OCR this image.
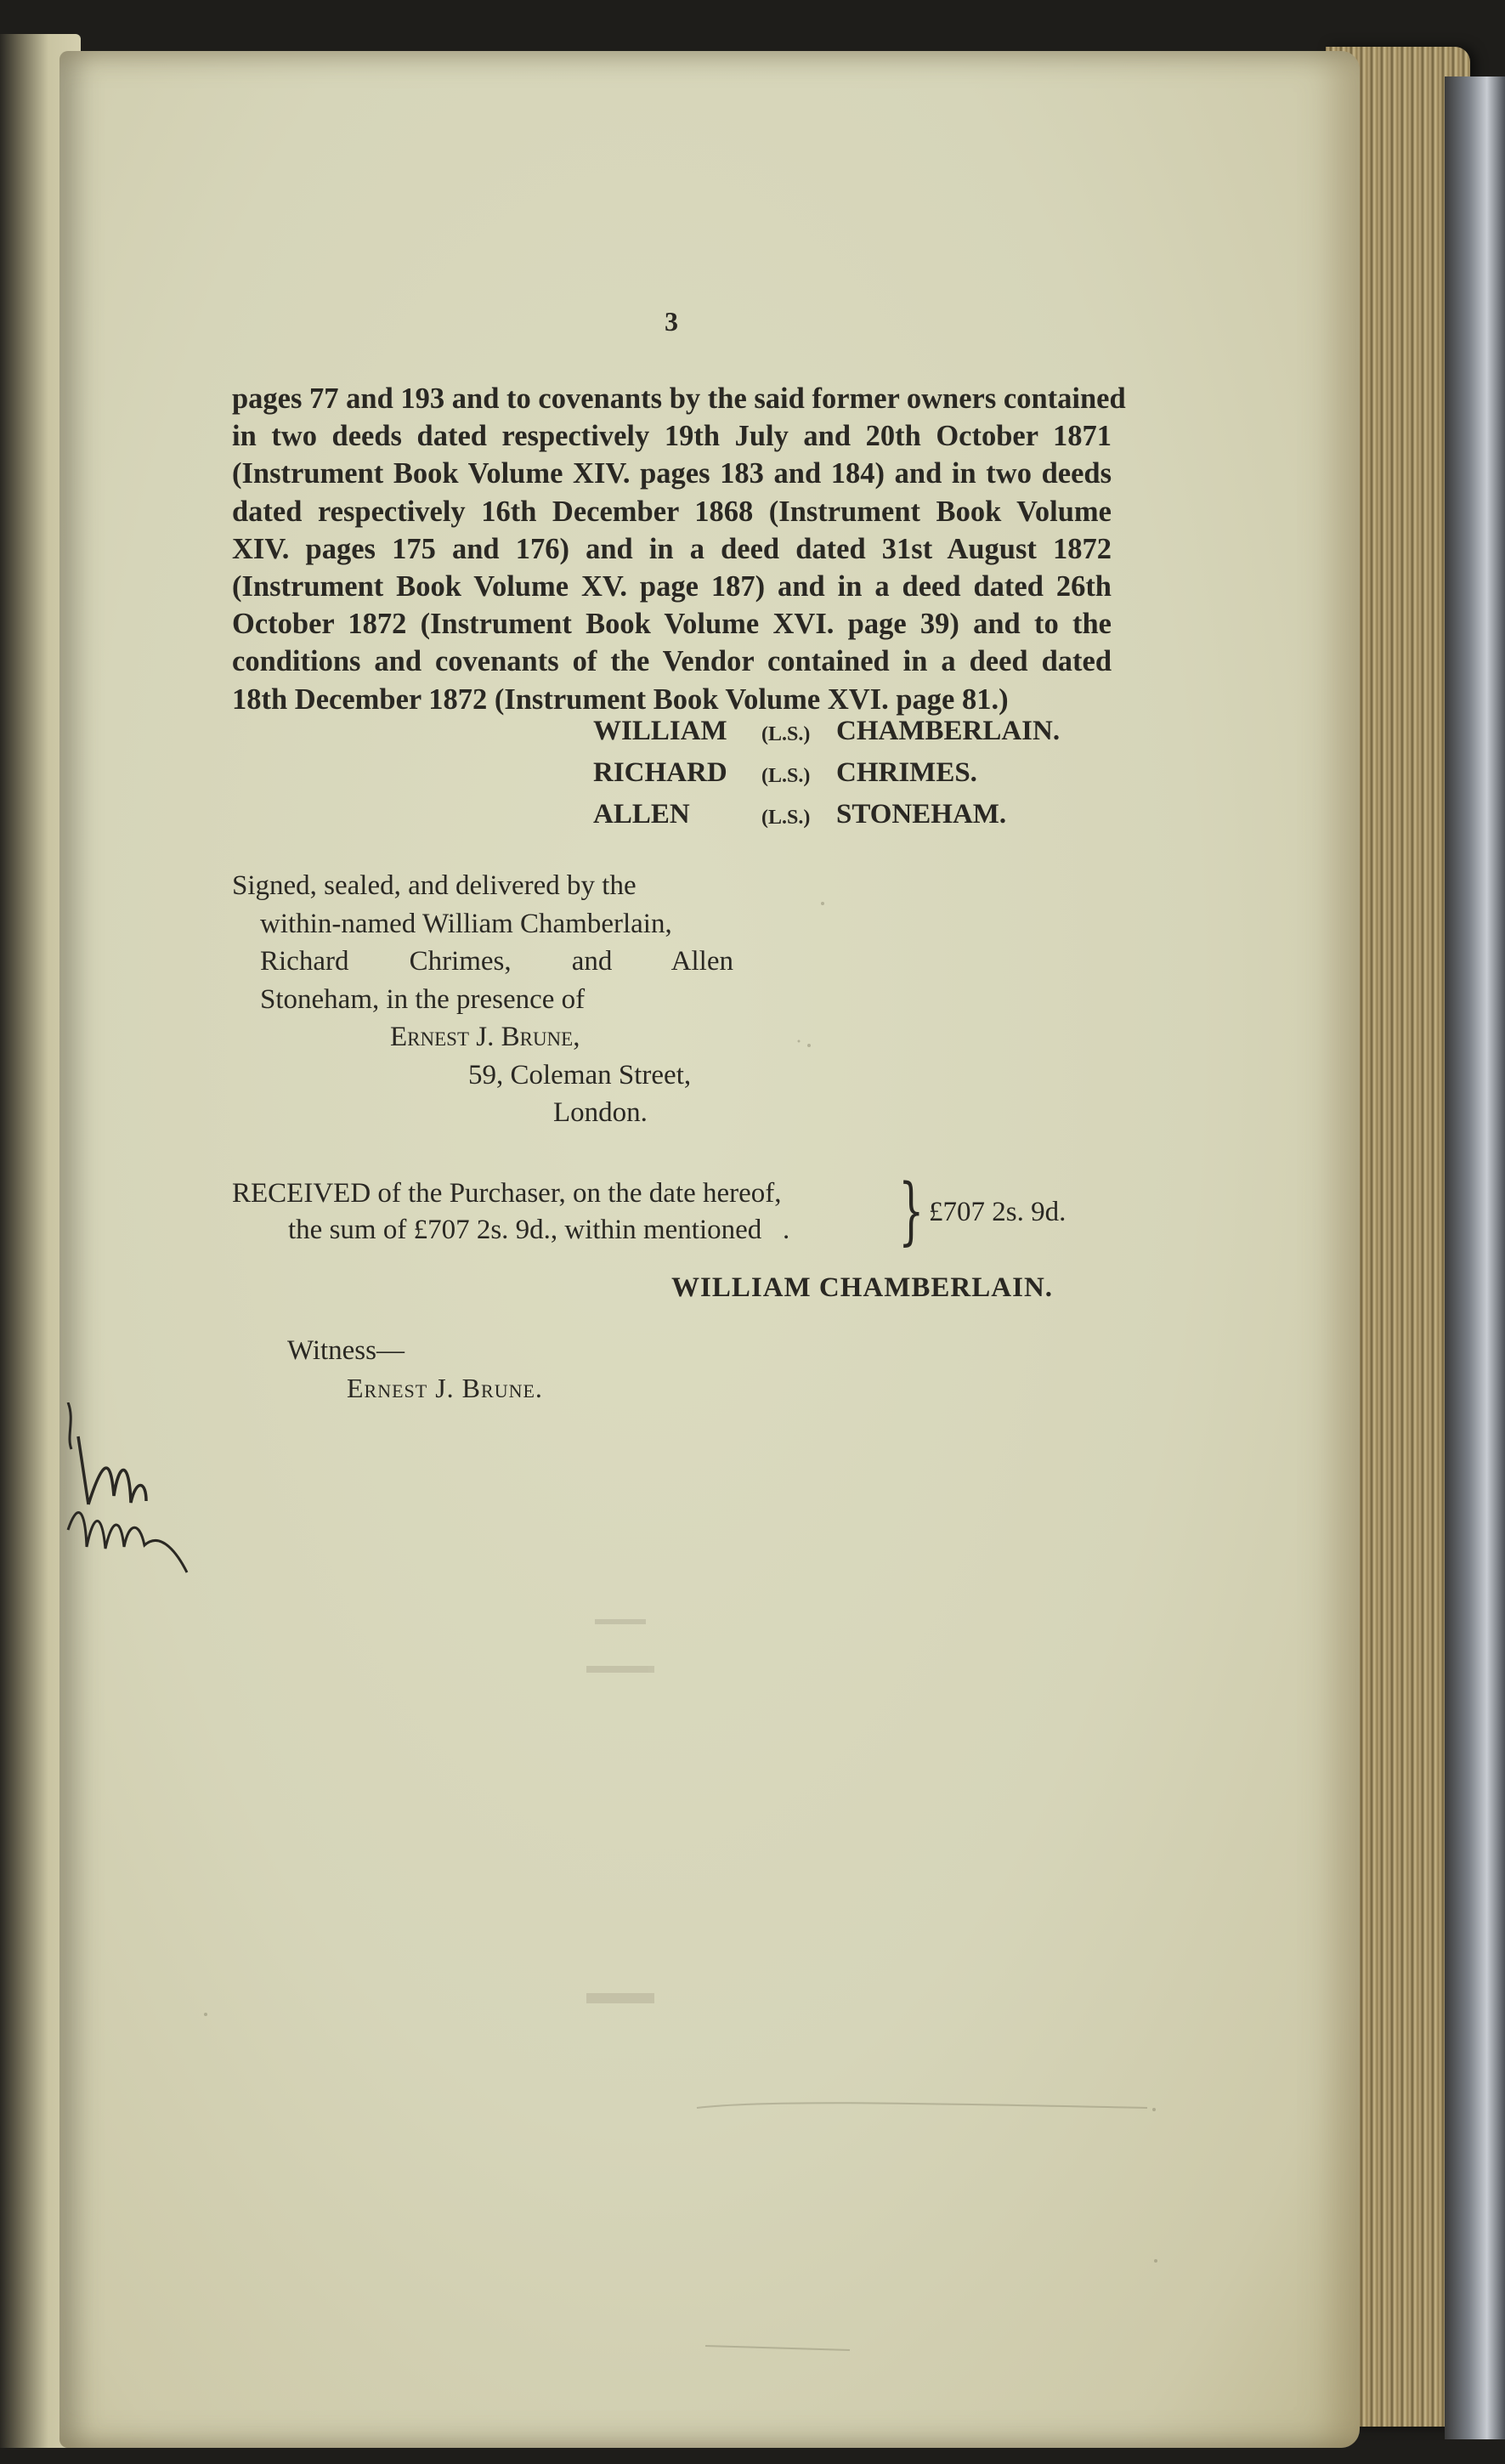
3
pages 77 and 193 and to covenants by the said former owners contained
in two deeds dated respectively 19th July and 20th October 1871
(Instrument Book Volume XIV. pages 183 and 184) and in two deeds
dated respectively 16th December 1868 (Instrument Book Volume
XIV. pages 175 and 176) and in a deed dated 31st August 1872
(Instrument Book Volume XV. page 187) and in a deed dated 26th
October 1872 (Instrument Book Volume XVI. page 39) and to the
conditions and covenants of the Vendor contained in a deed dated
18th December 1872 (Instrument Book Volume XVI. page 81.)
WILLIAM	(L.S.) CHAMBERLAIN.
RICHARD	(L.S.) CHRIMES.
ALLEN	(L.S.) STONEHAM.
Signed, sealed, and delivered by the
within-named William Chamberlain,
Richard Chrimes, and Allen
Stoneham, in the presence of
Ernest J. Brune,
59, Coleman Street,
London.
RECEIVED of the Purchaser, on the date hereof,
the sum of £707 2s. 9d., within mentioned . } £707 2s. 9d.
WILLIAM CHAMBERLAIN.
Witness—
Ernest J. Brune.
